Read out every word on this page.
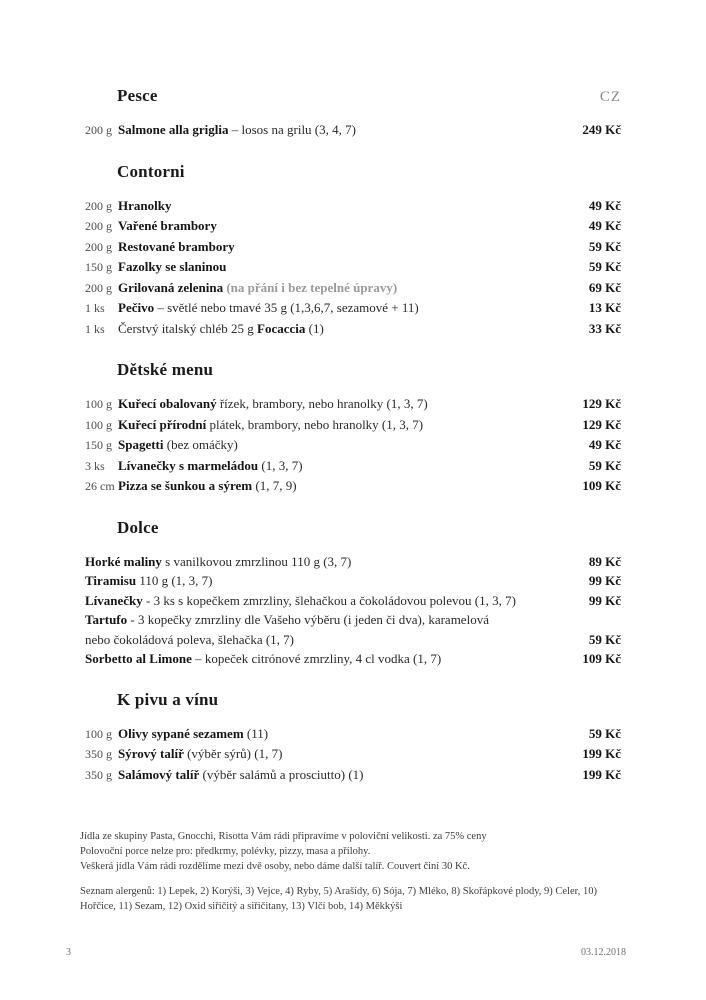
Pesce	CZ
200 g Salmone alla griglia – losos na grilu (3, 4, 7)	249 Kč
Contorni
200 g Hranolky	49 Kč
200 g Vařené brambory	49 Kč
200 g Restované brambory	59 Kč
150 g Fazolky se slaninou	59 Kč
200 g Grilovaná zelenina (na přání i bez tepelné úpravy)	69 Kč
1 ks Pečivo – světlé nebo tmavé 35 g (1,3,6,7, sezamové + 11)	13 Kč
1 ks Čerstvý italský chléb 25 g Focaccia (1)	33 Kč
Dětské menu
100 g Kuřecí obalovaný řízek, brambory, nebo hranolky (1, 3, 7)	129 Kč
100 g Kuřecí přírodní plátek, brambory, nebo hranolky (1, 3, 7)	129 Kč
150 g Spagetti (bez omáčky)	49 Kč
3 ks Lívanečky s marmeládou (1, 3, 7)	59 Kč
26 cm Pizza se šunkou a sýrem (1, 7, 9)	109 Kč
Dolce
Horké maliny s vanilkovou zmrzlinou 110 g (3, 7)	89 Kč
Tiramisu 110 g (1, 3, 7)	99 Kč
Lívanečky - 3 ks s kopečkem zmrzliny, šlehačkou a čokoládovou polevou (1, 3, 7)	99 Kč
Tartufo - 3 kopečky zmrzliny dle Vašeho výběru (i jeden či dva), karamelová
nebo čokoládová poleva, šlehačka (1, 7)	59 Kč
Sorbetto al Limone – kopeček citrónové zmrzliny, 4 cl vodka (1, 7)	109 Kč
K pivu a vínu
100 g Olivy sypané sezamem (11)	59 Kč
350 g Sýrový talíř (výběr sýrů) (1, 7)	199 Kč
350 g Salámový talíř (výběr salámů a prosciutto) (1)	199 Kč
Jídla ze skupiny Pasta, Gnocchi, Risotta Vám rádi připravíme v poloviční velikosti. za 75% ceny
Polovoční porce nelze pro: předkrmy, polévky, pizzy, masa a přílohy.
Veškerá jídla Vám rádi rozdělíme mezi dvě osoby, nebo dáme další talíř. Couvert činí 30 Kč.
Seznam alergenů: 1) Lepek, 2) Korýši, 3) Vejce, 4) Ryby, 5) Arašídy, 6) Sója, 7) Mléko, 8) Skořápkové plody, 9) Celer, 10) Hořčice, 11) Sezam, 12) Oxid siřičitý a siřičitany, 13) Vlčí bob, 14) Měkkýši
3	03.12.2018
